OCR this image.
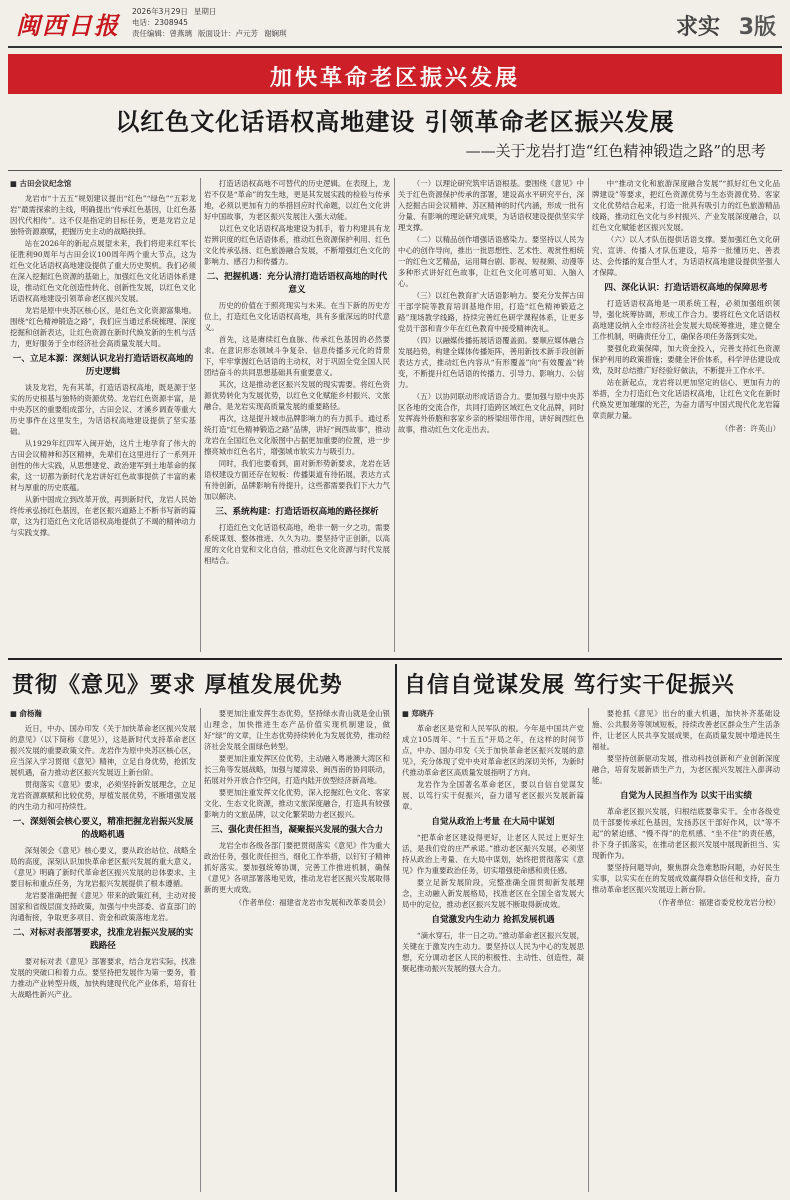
闽西日报
2026年3月29日 星期日
电话：2308945
责任编辑：曾燕璃 版面设计：卢元芳 谢娴琪	求实 3版
加快革命老区振兴发展
以红色文化话语权高地建设 引领革命老区振兴发展
——关于龙岩打造“红色精神锻造之路”的思考

■ 古田会议纪念馆

龙岩市“十五五”规划建议提出“红色”“绿色”“五彩龙岩”最需探索的主线，明确提出“传承红色基因，让红色基因代代相传”。这不仅是指定的目标任务，更是龙岩立足独特资源禀赋，把握历史主动的战略抉择。

站在2026年的新起点展望未来，我们将迎来红军长征胜利90周年与古田会议100周年两个重大节点，这为红色文化话语权高地建设提供了重大历史契机。我们必须在深入挖掘红色资源的基础上，加强红色文化话语体系建设，推动红色文化创造性转化、创新性发展，以红色文化话语权高地建设引领革命老区振兴发展。

龙岩是原中央苏区核心区，是红色文化资源富集地。围绕“红色精神锻造之路”，我们应当通过系统梳理、深度挖掘和创新表达，让红色资源在新时代焕发新的生机与活力，更好服务于全市经济社会高质量发展大局。

一、立足本源：深刻认识龙岩打造话语权高地的历史逻辑

谈及龙岩，先有其革，打造话语权高地，既是源于坚实的历史根基与独特的资源优势。龙岩红色资源丰富，是中央苏区的重要组成部分，古田会议、才溪乡调查等重大历史事件在这里发生，为话语权高地建设提供了坚实基础。

从1929年红四军入闽开始，这片土地孕育了伟大的古田会议精神和苏区精神，先辈们在这里进行了一系列开创性的伟大实践，从思想建党、政治建军到土地革命的探索，这一切都为新时代龙岩讲好红色故事提供了丰富的素材与厚重的历史底蕴。

从新中国成立到改革开放，再到新时代，龙岩人民始终传承弘扬红色基因，在老区振兴道路上不断书写新的篇章，这为打造红色文化话语权高地提供了不竭的精神动力与实践支撑。

打造话语权高地不可替代的历史逻辑。在表现上，龙岩不仅是“革命”的发生地，更是其发展实践的检验与传承地，必须以更加有力的举措回应时代命题，以红色文化讲好中国故事，为老区振兴发展注入强大动能。

以红色文化话语权高地建设为抓手，着力构建具有龙岩辨识度的红色话语体系，推动红色资源保护利用、红色文化传承弘扬、红色旅游融合发展，不断增强红色文化的影响力、感召力和传播力。

二、把握机遇：充分认清打造话语权高地的时代意义

历史的价值在于照亮现实与未来。在当下新的历史方位上，打造红色文化话语权高地，具有多重深远的时代意义。

首先，这是赓续红色血脉、传承红色基因的必然要求。在意识形态领域斗争复杂、信息传播多元化的背景下，牢牢掌握红色话语的主动权，对于巩固全党全国人民团结奋斗的共同思想基础具有重要意义。

其次，这是推动老区振兴发展的现实需要。将红色资源优势转化为发展优势，以红色文化赋能乡村振兴、文旅融合，是龙岩实现高质量发展的重要路径。

再次，这是提升城市品牌影响力的有力抓手。通过系统打造“红色精神锻造之路”品牌，讲好“闽西故事”，推动龙岩在全国红色文化版图中占据更加重要的位置，进一步擦亮城市红色名片，增强城市软实力与吸引力。

同时，我们也要看到，面对新形势新要求，龙岩在话语权建设方面还存在短板：传播渠道有待拓展，表达方式有待创新，品牌影响有待提升，这些都需要我们下大力气加以解决。

三、系统构建：打造话语权高地的路径探析

打造红色文化话语权高地，绝非一朝一夕之功，需要系统谋划、整体推进、久久为功。要坚持守正创新，以高度的文化自觉和文化自信，推动红色文化资源与时代发展相结合。

（一）以理论研究筑牢话语根基。要围绕《意见》中关于红色资源保护传承的部署，建设高水平研究平台，深入挖掘古田会议精神、苏区精神的时代内涵，形成一批有分量、有影响的理论研究成果，为话语权建设提供坚实学理支撑。

（二）以精品创作增强话语感染力。要坚持以人民为中心的创作导向，推出一批思想性、艺术性、观赏性相统一的红色文艺精品，运用舞台剧、影视、短视频、动漫等多种形式讲好红色故事，让红色文化可感可知、入脑入心。

（三）以红色教育扩大话语影响力。要充分发挥古田干部学院等教育培训基地作用，打造“红色精神锻造之路”现场教学线路，持续完善红色研学课程体系，让更多党员干部和青少年在红色教育中接受精神洗礼。

（四）以融媒传播拓展话语覆盖面。要顺应媒体融合发展趋势，构建全媒体传播矩阵，善用新技术新手段创新表达方式，推动红色内容从“有形覆盖”向“有效覆盖”转变，不断提升红色话语的传播力、引导力、影响力、公信力。

（五）以协同联动形成话语合力。要加强与原中央苏区各地的交流合作，共同打造跨区域红色文化品牌，同时发挥海外侨胞和客家乡亲的桥梁纽带作用，讲好闽西红色故事，推动红色文化走出去。

中“推动文化和旅游深度融合发展”“抓好红色文化品牌建设”等要求，把红色资源优势与生态资源优势、客家文化优势结合起来，打造一批具有吸引力的红色旅游精品线路，推动红色文化与乡村振兴、产业发展深度融合，以红色文化赋能老区振兴发展。

（六）以人才队伍提供话语支撑。要加强红色文化研究、宣讲、传播人才队伍建设，培养一批懂历史、善表达、会传播的复合型人才，为话语权高地建设提供坚强人才保障。

四、深化认识：打造话语权高地的保障思考

打造话语权高地是一项系统工程，必须加强组织领导，强化统筹协调，形成工作合力。要将红色文化话语权高地建设纳入全市经济社会发展大局统筹推进，建立健全工作机制，明确责任分工，确保各项任务落到实处。

要强化政策保障，加大资金投入，完善支持红色资源保护利用的政策措施；要健全评价体系，科学评估建设成效，及时总结推广好经验好做法，不断提升工作水平。

站在新起点，龙岩将以更加坚定的信心、更加有力的举措，全力打造红色文化话语权高地，让红色文化在新时代焕发更加璀璨的光芒，为奋力谱写中国式现代化龙岩篇章贡献力量。

（作者：许英山）

贯彻《意见》要求 厚植发展优势

■ 俞杨瀚

近日，中办、国办印发《关于加快革命老区振兴发展的意见》（以下简称《意见》），这是新时代支持革命老区振兴发展的重要政策文件。龙岩作为原中央苏区核心区，应当深入学习贯彻《意见》精神，立足自身优势，抢抓发展机遇，奋力推动老区振兴发展迈上新台阶。

贯彻落实《意见》要求，必须坚持新发展理念，立足龙岩资源禀赋和比较优势，厚植发展优势，不断增强发展的内生动力和可持续性。

一、深刻领会核心要义，精准把握龙岩振兴发展的战略机遇

深刻领会《意见》核心要义，要从政治站位、战略全局的高度，深刻认识加快革命老区振兴发展的重大意义。《意见》明确了新时代革命老区振兴发展的总体要求、主要目标和重点任务，为龙岩振兴发展提供了根本遵循。

龙岩要准确把握《意见》带来的政策红利，主动对接国家和省级层面支持政策，加强与中央部委、省直部门的沟通衔接，争取更多项目、资金和政策落地龙岩。

二、对标对表部署要求，找准龙岩振兴发展的实践路径

要对标对表《意见》部署要求，结合龙岩实际，找准发展的突破口和着力点。要坚持把发展作为第一要务，着力推动产业转型升级，加快构建现代化产业体系，培育壮大战略性新兴产业。

要更加注重发挥生态优势，坚持绿水青山就是金山银山理念，加快推进生态产品价值实现机制建设，做好“绿”的文章，让生态优势持续转化为发展优势，推动经济社会发展全面绿色转型。

要更加注重发挥区位优势，主动融入粤港澳大湾区和长三角等发展战略，加强与厦漳泉、闽西南的协同联动，拓展对外开放合作空间，打造内陆开放型经济新高地。

要更加注重发挥文化优势，深入挖掘红色文化、客家文化、生态文化资源，推动文旅深度融合，打造具有较强影响力的文旅品牌，以文化繁荣助力老区振兴。

三、强化责任担当，凝聚振兴发展的强大合力

龙岩全市各级各部门要把贯彻落实《意见》作为重大政治任务，强化责任担当，细化工作举措，以钉钉子精神抓好落实。要加强统筹协调，完善工作推进机制，确保《意见》各项部署落地见效，推动龙岩老区振兴发展取得新的更大成效。

（作者单位：福建省龙岩市发展和改革委员会）

自信自觉谋发展 笃行实干促振兴

■ 郑晓卉

革命老区是党和人民军队的根。今年是中国共产党成立105周年、“十五五”开局之年，在这样的时间节点，中办、国办印发《关于加快革命老区振兴发展的意见》，充分体现了党中央对革命老区的深切关怀，为新时代推动革命老区高质量发展指明了方向。

龙岩作为全国著名革命老区，要以自信自觉谋发展、以笃行实干促振兴，奋力谱写老区振兴发展新篇章。

自觉从政治上考量 在大局中谋划

“把革命老区建设得更好，让老区人民过上更好生活，是我们党的庄严承诺。”推动老区振兴发展，必须坚持从政治上考量、在大局中谋划，始终把贯彻落实《意见》作为重要政治任务，切实增强使命感和责任感。

要立足新发展阶段，完整准确全面贯彻新发展理念，主动融入新发展格局，找准老区在全国全省发展大局中的定位，推动老区振兴发展不断取得新成效。

自觉激发内生动力 抢抓发展机遇

“滴水穿石，非一日之功。”推动革命老区振兴发展，关键在于激发内生动力。要坚持以人民为中心的发展思想，充分调动老区人民的积极性、主动性、创造性，凝聚起推动振兴发展的强大合力。

要抢抓《意见》出台的重大机遇，加快补齐基础设施、公共服务等领域短板，持续改善老区群众生产生活条件，让老区人民共享发展成果，在高质量发展中增进民生福祉。

要坚持创新驱动发展，推动科技创新和产业创新深度融合，培育发展新质生产力，为老区振兴发展注入澎湃动能。

自觉为人民担当作为 以实干出实绩

革命老区振兴发展，归根结底要靠实干。全市各级党员干部要传承红色基因，发扬苏区干部好作风，以“等不起”的紧迫感、“慢不得”的危机感、“坐不住”的责任感，扑下身子抓落实，在推动老区振兴发展中展现新担当、实现新作为。

要坚持问题导向，聚焦群众急难愁盼问题，办好民生实事，以实实在在的发展成效赢得群众信任和支持，奋力推动革命老区振兴发展迈上新台阶。

（作者单位：福建省委党校龙岩分校）
